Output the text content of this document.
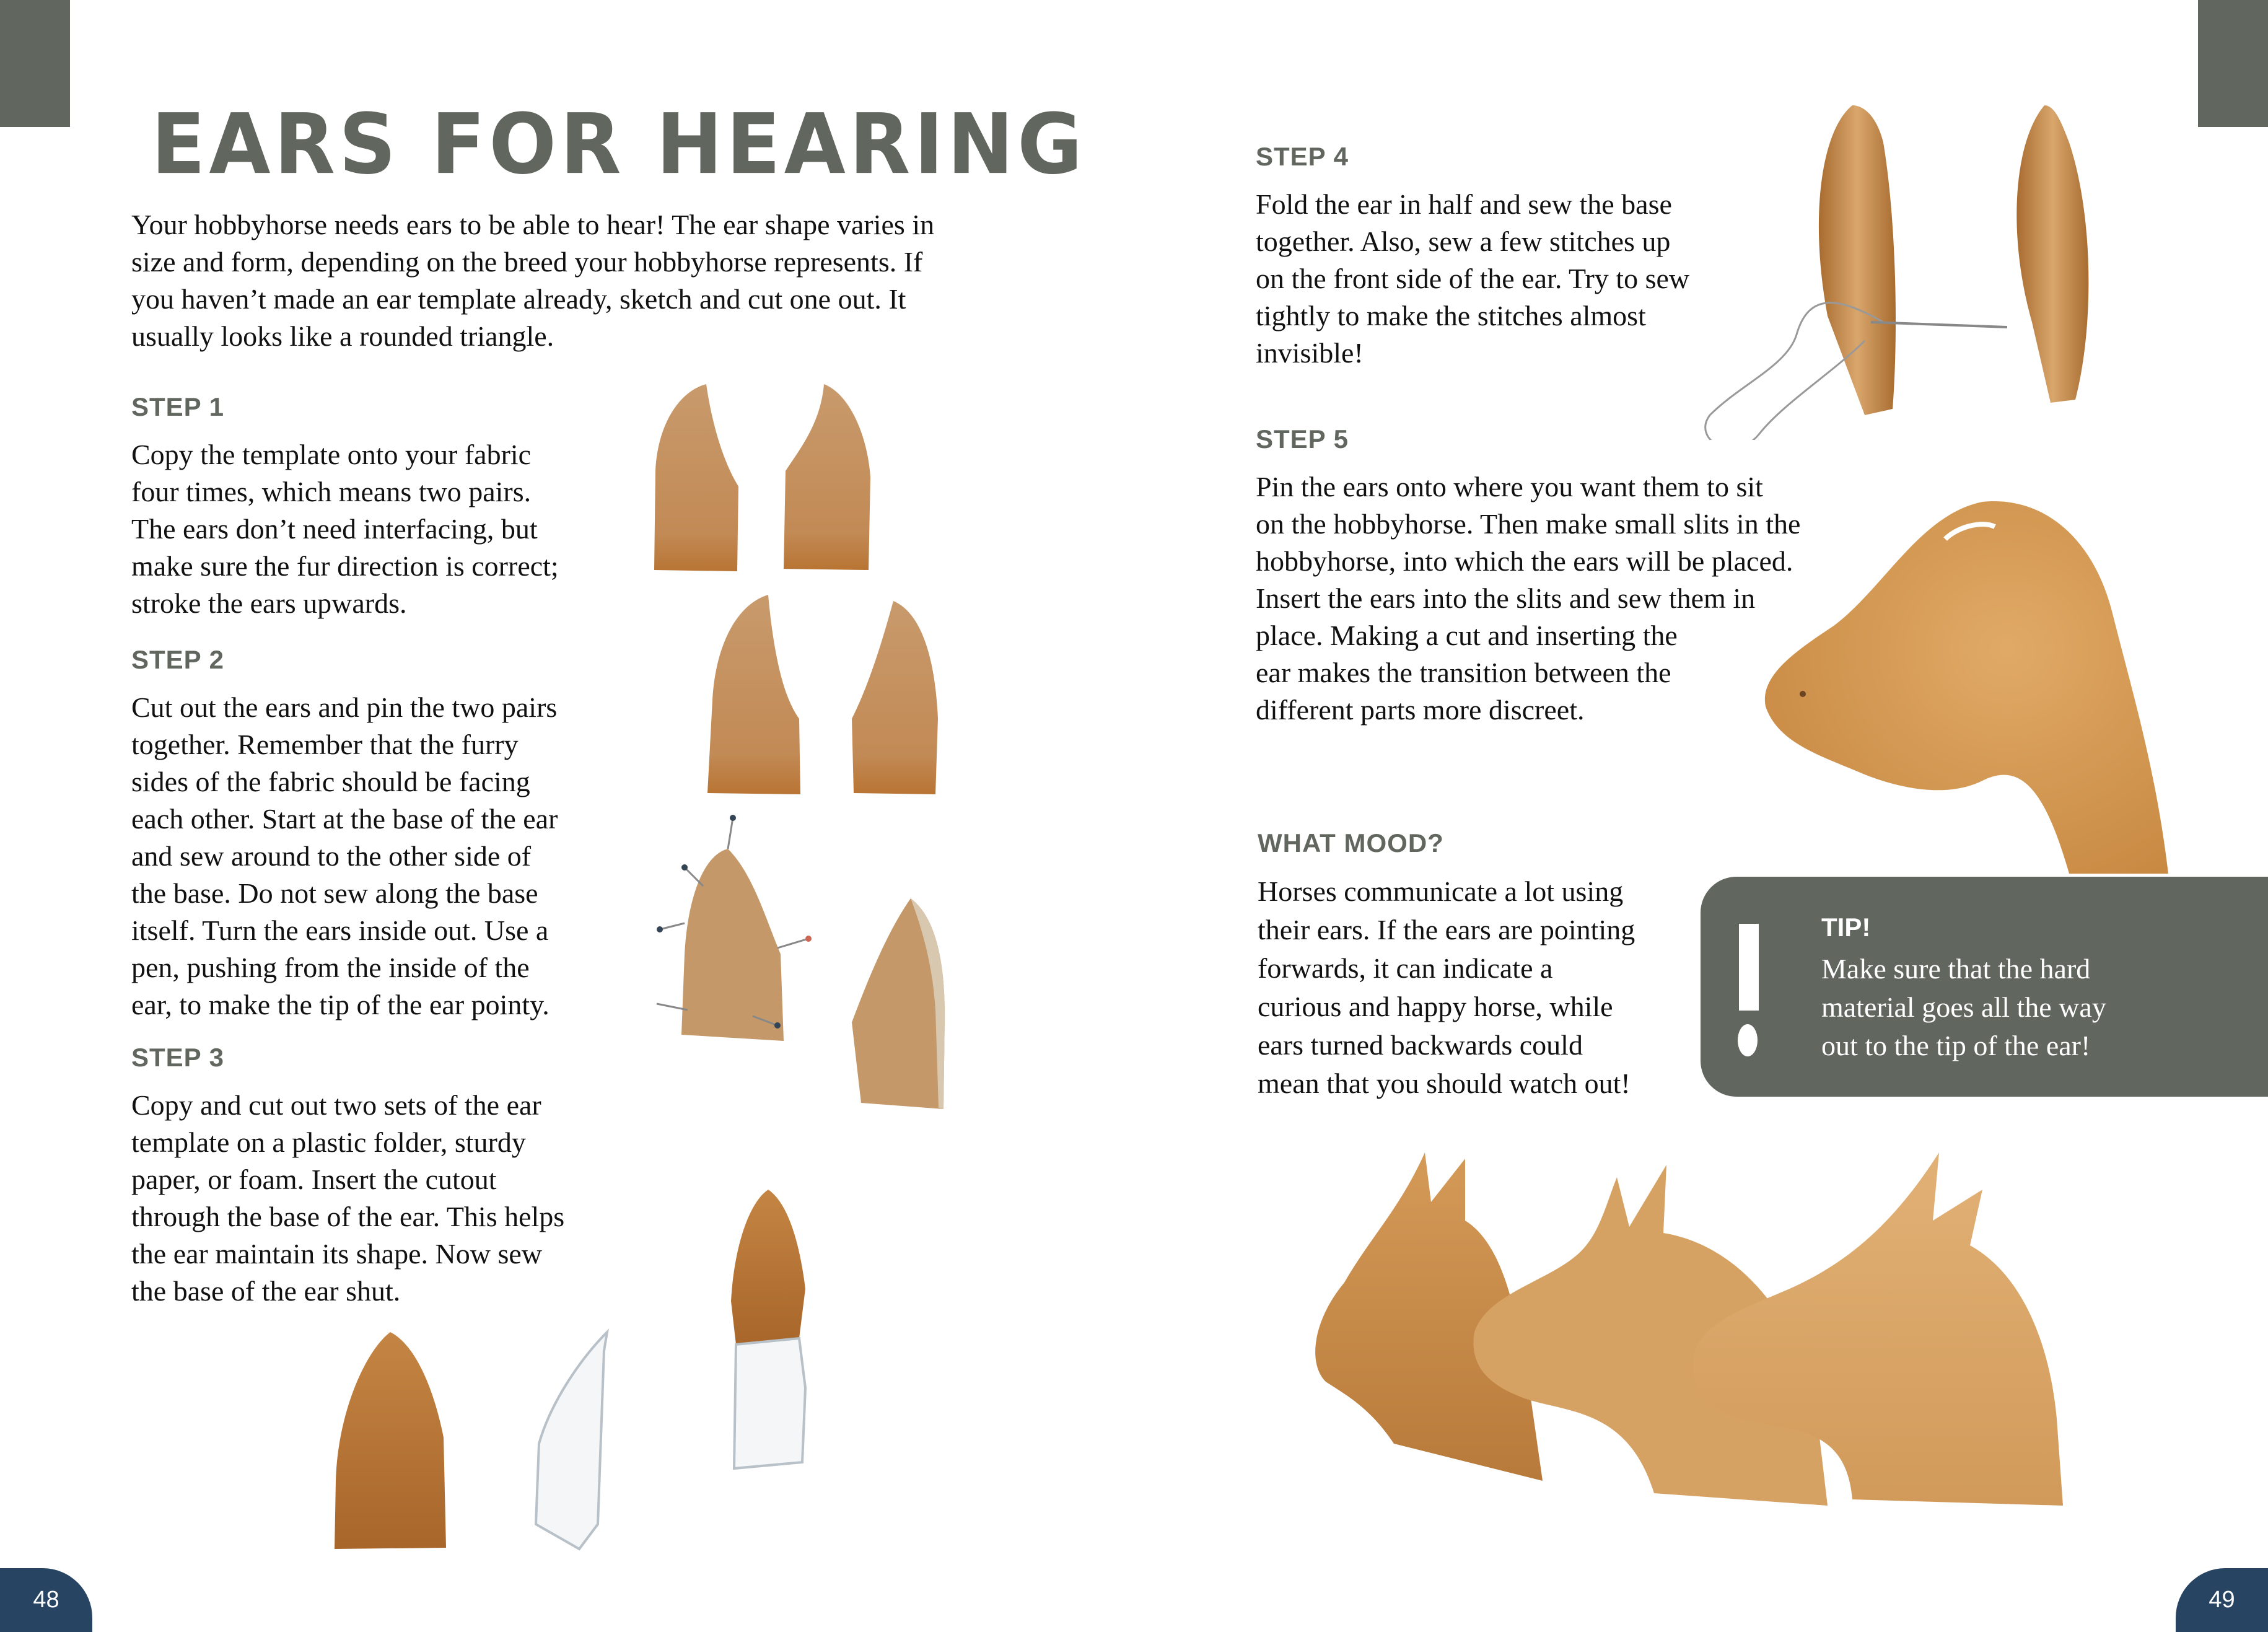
EARS FOR HEARING
Your hobbyhorse needs ears to be able to hear! The ear shape varies in
size and form, depending on the breed your hobbyhorse represents. If
you haven’t made an ear template already, sketch and cut one out. It
usually looks like a rounded triangle.
STEP 1
Copy the template onto your fabric
four times, which means two pairs.
The ears don’t need interfacing, but
make sure the fur direction is correct;
stroke the ears upwards.
STEP 2
Cut out the ears and pin the two pairs
together. Remember that the furry
sides of the fabric should be facing
each other. Start at the base of the ear
and sew around to the other side of
the base. Do not sew along the base
itself. Turn the ears inside out. Use a
pen, pushing from the inside of the
ear, to make the tip of the ear pointy.
STEP 3
Copy and cut out two sets of the ear
template on a plastic folder, sturdy
paper, or foam. Insert the cutout
through the base of the ear. This helps
the ear maintain its shape. Now sew
the base of the ear shut.
STEP 4
Fold the ear in half and sew the base
together. Also, sew a few stitches up
on the front side of the ear. Try to sew
tightly to make the stitches almost
invisible!
STEP 5
Pin the ears onto where you want them to sit
on the hobbyhorse. Then make small slits in the
hobbyhorse, into which the ears will be placed.
Insert the ears into the slits and sew them in
place. Making a cut and inserting the
ear makes the transition between the
different parts more discreet.
WHAT MOOD?
Horses communicate a lot using
their ears. If the ears are pointing
forwards, it can indicate a
curious and happy horse, while
ears turned backwards could
mean that you should watch out!
TIP!
Make sure that the hard
material goes all the way
out to the tip of the ear!
48	49
